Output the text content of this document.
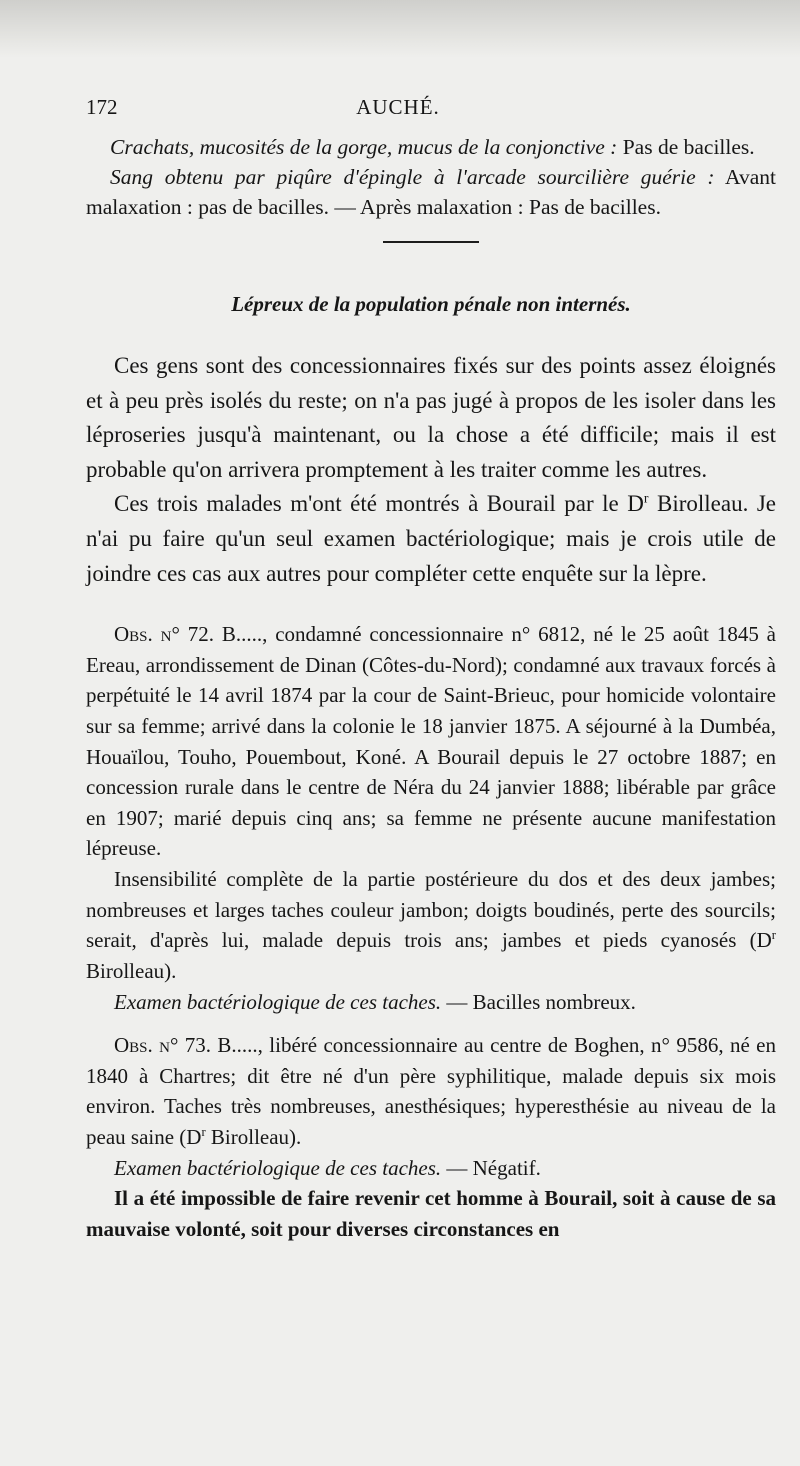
172	AUCHÉ.

Crachats, mucosités de la gorge, mucus de la conjonctive : Pas de bacilles.

Sang obtenu par piqûre d'épingle à l'arcade sourcilière guérie : Avant malaxation : pas de bacilles. — Après malaxation : Pas de bacilles.

Lépreux de la population pénale non internés.

Ces gens sont des concessionnaires fixés sur des points assez éloignés et à peu près isolés du reste; on n'a pas jugé à propos de les isoler dans les léproseries jusqu'à maintenant, ou la chose a été difficile; mais il est probable qu'on arrivera promptement à les traiter comme les autres.

Ces trois malades m'ont été montrés à Bourail par le $D^r$ Birolleau. Je n'ai pu faire qu'un seul examen bactériologique; mais je crois utile de joindre ces cas aux autres pour compléter cette enquête sur la lèpre.

Obs. n° 72. B....., condamné concessionnaire n° 6812, né le 25 août 1845 à Ereau, arrondissement de Dinan (Côtes-du-Nord); condamné aux travaux forcés à perpétuité le 14 avril 1874 par la cour de Saint-Brieuc, pour homicide volontaire sur sa femme; arrivé dans la colonie le 18 janvier 1875. A séjourné à la Dumbéa, Houaïlou, Touho, Pouembout, Koné. A Bourail depuis le 27 octobre 1887; en concession rurale dans le centre de Néra du 24 janvier 1888; libérable par grâce en 1907; marié depuis cinq ans; sa femme ne présente aucune manifestation lépreuse.

Insensibilité complète de la partie postérieure du dos et des deux jambes; nombreuses et larges taches couleur jambon; doigts boudinés, perte des sourcils; serait, d'après lui, malade depuis trois ans; jambes et pieds cyanosés ($D^r$ Birolleau).

Examen bactériologique de ces taches. — Bacilles nombreux.

Obs. n° 73. B....., libéré concessionnaire au centre de Boghen, n° 9586, né en 1840 à Chartres; dit être né d'un père syphilitique, malade depuis six mois environ. Taches très nombreuses, anesthésiques; hyperesthésie au niveau de la peau saine ($D^r$ Birolleau).

Examen bactériologique de ces taches. — Négatif.

Il a été impossible de faire revenir cet homme à Bourail, soit à cause de sa mauvaise volonté, soit pour diverses circonstances en
